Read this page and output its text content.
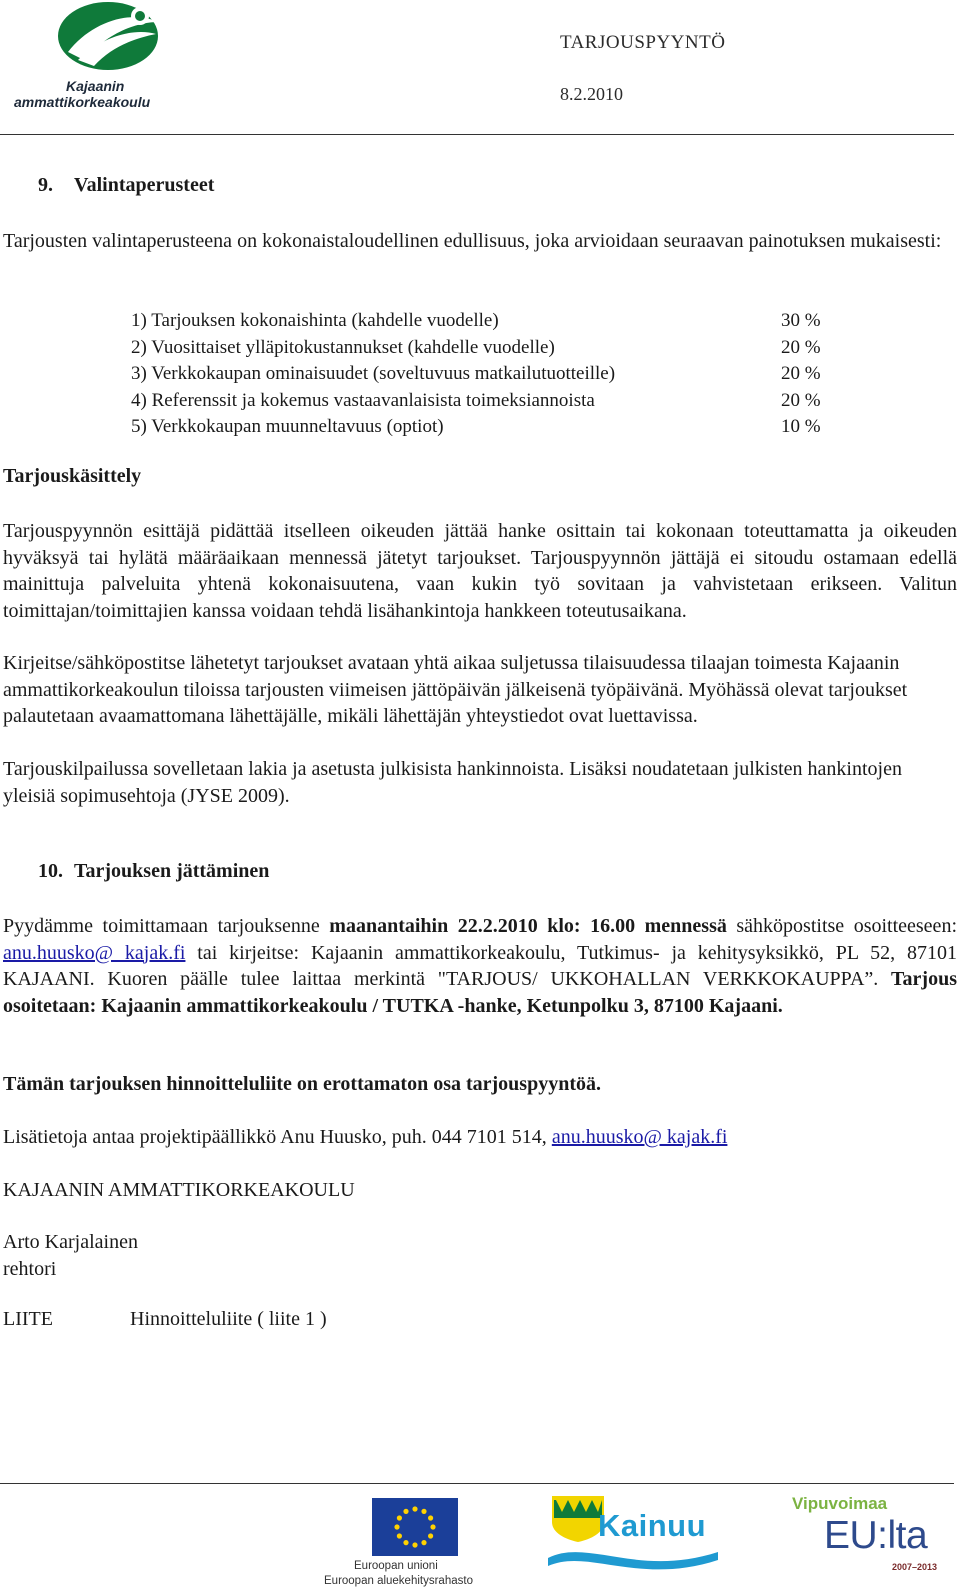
Kajaanin
ammattikorkeakoulu
TARJOUSPYYNTÖ
8.2.2010
9. Valintaperusteet
Tarjousten valintaperusteena on kokonaistaloudellinen edullisuus, joka arvioidaan seuraavan painotuksen mukaisesti:
1) Tarjouksen kokonaishinta (kahdelle vuodelle)	30 %
2) Vuosittaiset ylläpitokustannukset (kahdelle vuodelle)	20 %
3) Verkkokaupan ominaisuudet (soveltuvuus matkailutuotteille)	20 %
4) Referenssit ja kokemus vastaavanlaisista toimeksiannoista	20 %
5) Verkkokaupan muunneltavuus (optiot)	10 %
Tarjouskäsittely
Tarjouspyynnön esittäjä pidättää itselleen oikeuden jättää hanke osittain tai kokonaan toteuttamatta ja oikeuden hyväksyä tai hylätä määräaikaan mennessä jätetyt tarjoukset. Tarjouspyynnön jättäjä ei sitoudu ostamaan edellä mainittuja palveluita yhtenä kokonaisuutena, vaan kukin työ sovitaan ja vahvistetaan erikseen. Valitun toimittajan/toimittajien kanssa voidaan tehdä lisähankintoja hankkeen toteutusaikana.
Kirjeitse/sähköpostitse lähetetyt tarjoukset avataan yhtä aikaa suljetussa tilaisuudessa tilaajan toimesta Kajaanin ammattikorkeakoulun tiloissa tarjousten viimeisen jättöpäivän jälkeisenä työpäivänä. Myöhässä olevat tarjoukset palautetaan avaamattomana lähettäjälle, mikäli lähettäjän yhteystiedot ovat luettavissa.
Tarjouskilpailussa sovelletaan lakia ja asetusta julkisista hankinnoista. Lisäksi noudatetaan julkisten hankintojen yleisiä sopimusehtoja (JYSE 2009).
10. Tarjouksen jättäminen
Pyydämme toimittamaan tarjouksenne maanantaihin 22.2.2010 klo: 16.00 mennessä sähköpostitse osoitteeseen: anu.huusko@ kajak.fi tai kirjeitse: Kajaanin ammattikorkeakoulu, Tutkimus- ja kehitysyksikkö, PL 52, 87101 KAJAANI. Kuoren päälle tulee laittaa merkintä "TARJOUS/ UKKOHALLAN VERKKOKAUPPA”. Tarjous osoitetaan: Kajaanin ammattikorkeakoulu / TUTKA -hanke, Ketunpolku 3, 87100 Kajaani.
Tämän tarjouksen hinnoitteluliite on erottamaton osa tarjouspyyntöä.
Lisätietoja antaa projektipäällikkö Anu Huusko, puh. 044 7101 514, anu.huusko@ kajak.fi
KAJAANIN AMMATTIKORKEAKOULU
Arto Karjalainen
rehtori
LIITE	Hinnoitteluliite ( liite 1 )
Euroopan unioni
Euroopan aluekehitysrahasto
Kainuu
Vipuvoimaa
EU:lta
2007–2013
